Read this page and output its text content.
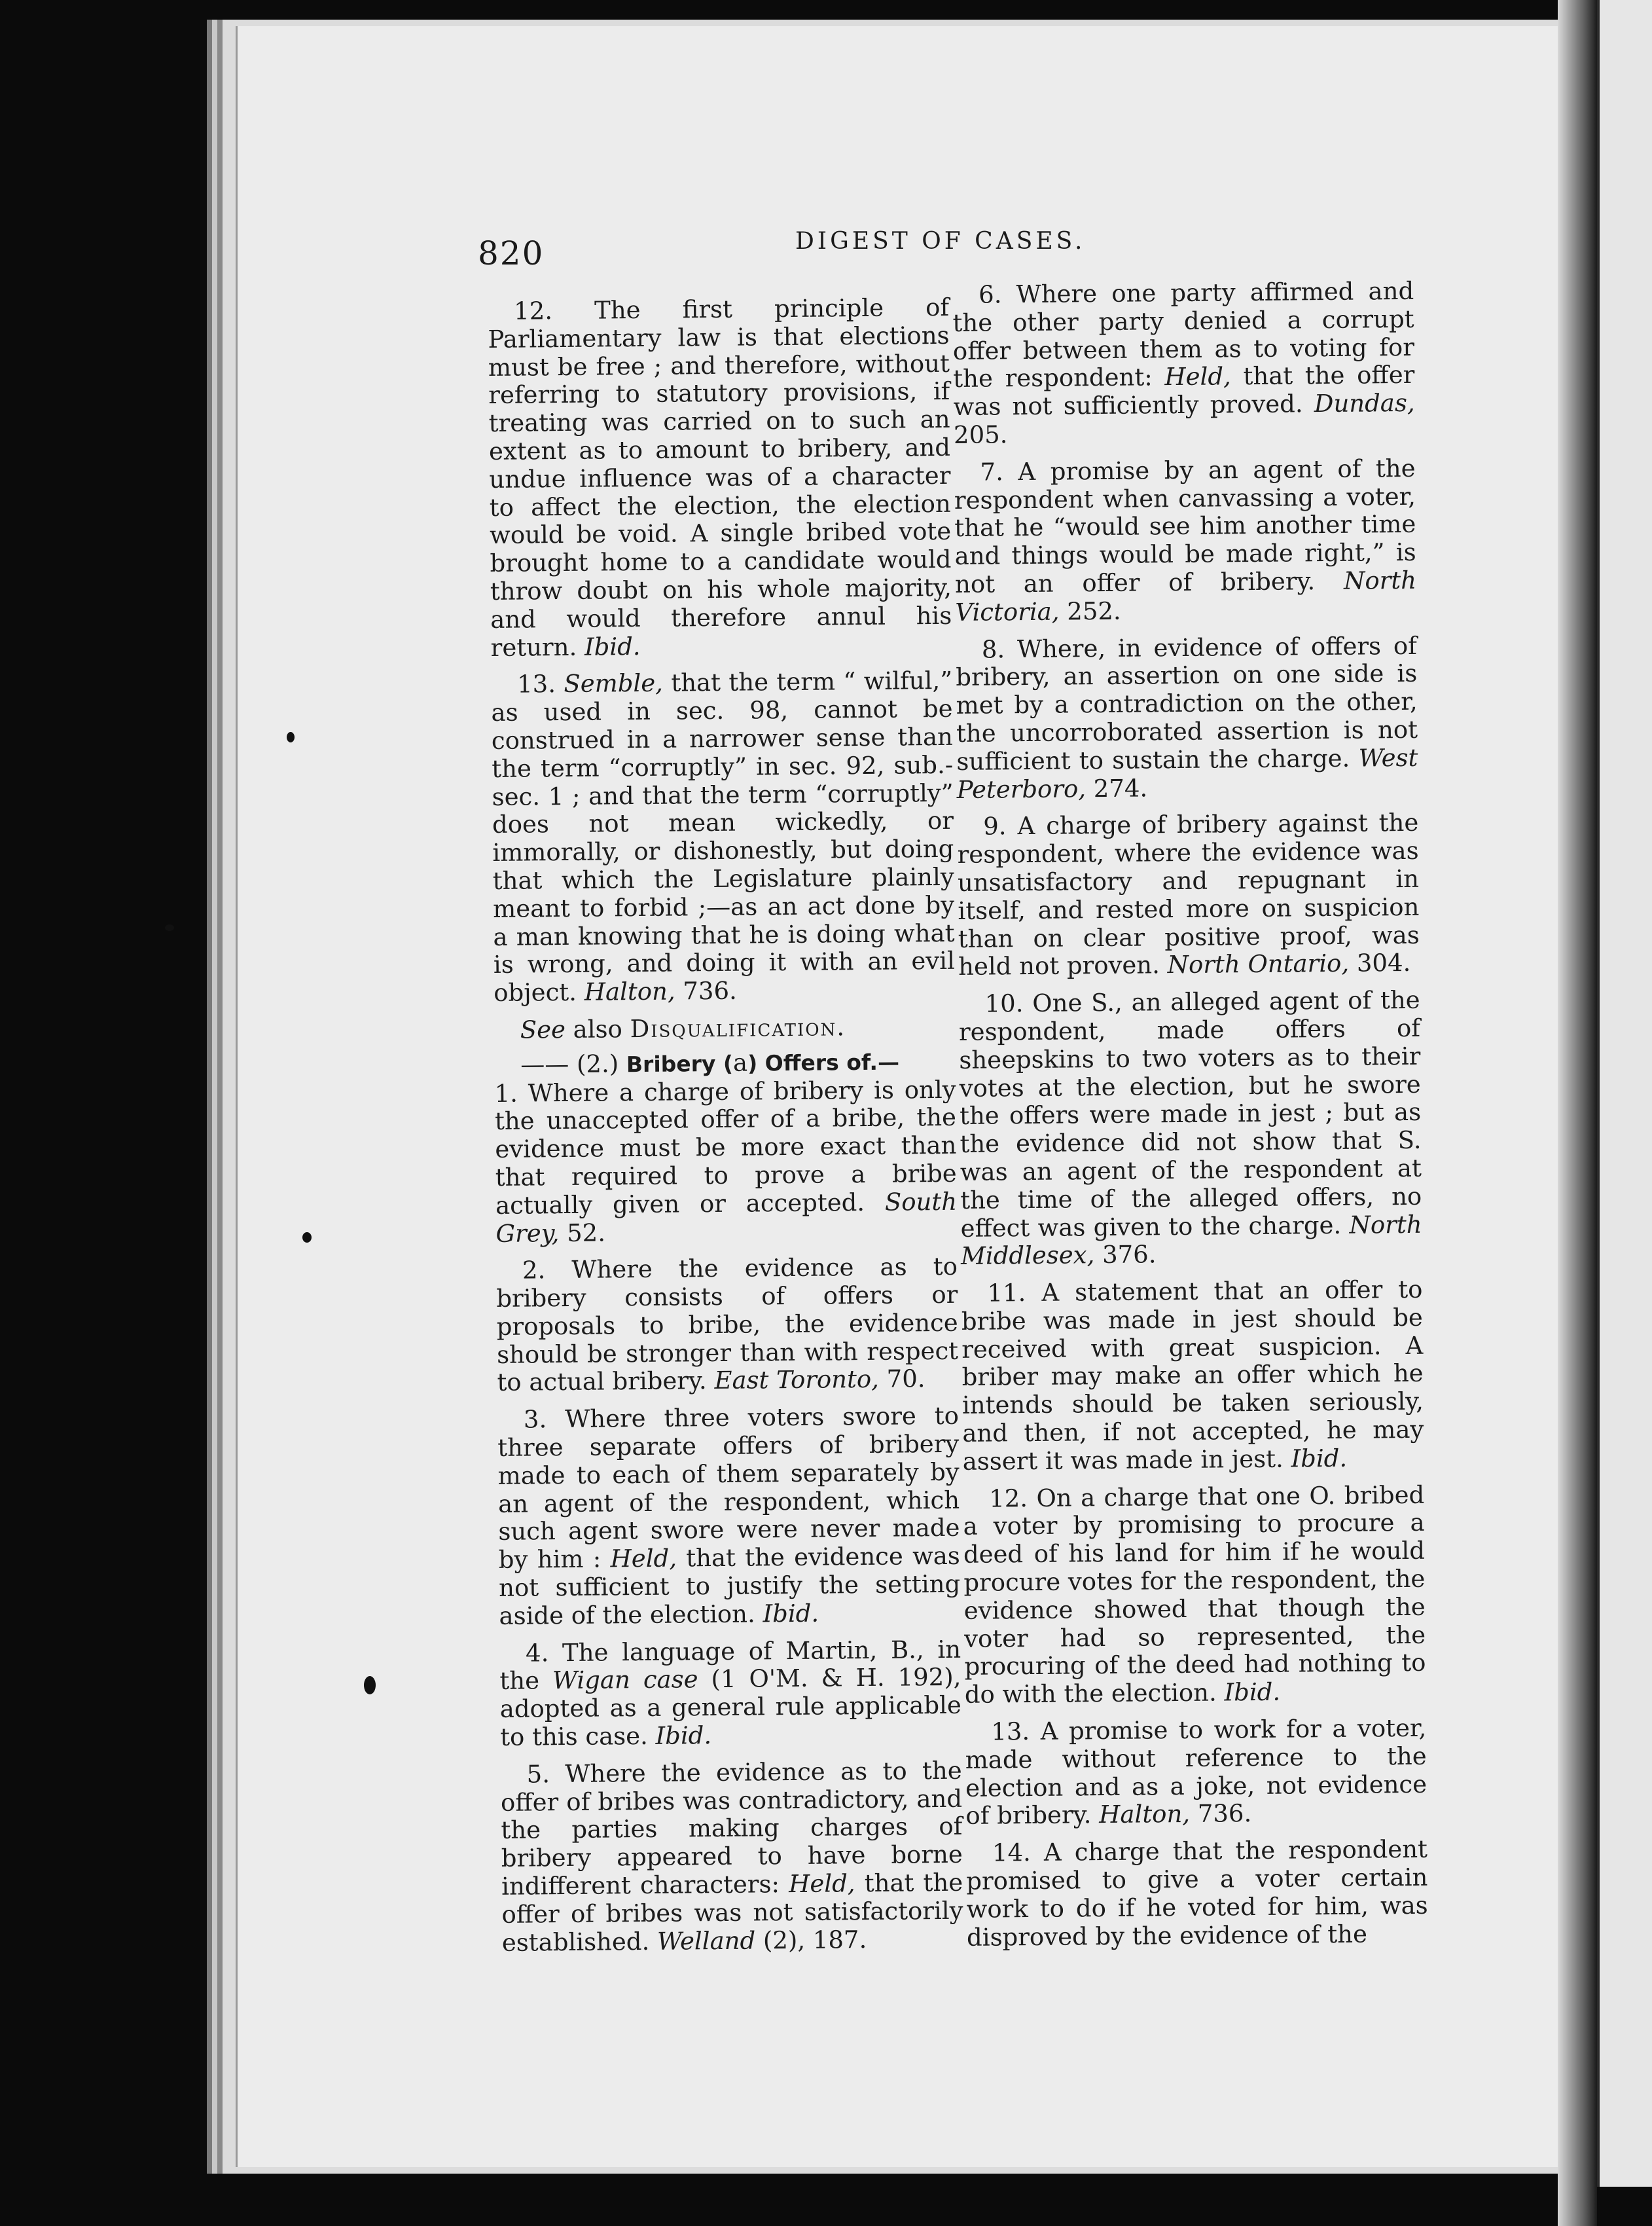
820	DIGEST OF CASES.

12. The first principle of Parliamentary law is that elections must be free ; and therefore, without referring to statutory provisions, if treating was carried on to such an extent as to amount to bribery, and undue influence was of a character to affect the election, the election would be void. A single bribed vote brought home to a candidate would throw doubt on his whole majority, and would therefore annul his return. Ibid.

13. Semble, that the term “ wilful,” as used in sec. 98, cannot be construed in a narrower sense than the term “corruptly” in sec. 92, sub.-sec. 1 ; and that the term “corruptly” does not mean wickedly, or immorally, or dishonestly, but doing that which the Legislature plainly meant to forbid ;—as an act done by a man knowing that he is doing what is wrong, and doing it with an evil object. Halton, 736.

See also Disqualification.

—— (2.) Bribery (a) Offers of.—

1. Where a charge of bribery is only the unaccepted offer of a bribe, the evidence must be more exact than that required to prove a bribe actually given or accepted. South Grey, 52.

2. Where the evidence as to bribery consists of offers or proposals to bribe, the evidence should be stronger than with respect to actual bribery. East Toronto, 70.

3. Where three voters swore to three separate offers of bribery made to each of them separately by an agent of the respondent, which such agent swore were never made by him : Held, that the evidence was not sufficient to justify the setting aside of the election. Ibid.

4. The language of Martin, B., in the Wigan case (1 O'M. & H. 192), adopted as a general rule applicable to this case. Ibid.

5. Where the evidence as to the offer of bribes was contradictory, and the parties making charges of bribery appeared to have borne indifferent characters: Held, that the offer of bribes was not satisfactorily established. Welland (2), 187.

6. Where one party affirmed and the other party denied a corrupt offer between them as to voting for the respondent: Held, that the offer was not sufficiently proved. Dundas, 205.

7. A promise by an agent of the respondent when canvassing a voter, that he “would see him another time and things would be made right,” is not an offer of bribery. North Victoria, 252.

8. Where, in evidence of offers of bribery, an assertion on one side is met by a contradiction on the other, the uncorroborated assertion is not sufficient to sustain the charge. West Peterboro, 274.

9. A charge of bribery against the respondent, where the evidence was unsatisfactory and repugnant in itself, and rested more on suspicion than on clear positive proof, was held not proven. North Ontario, 304.

10. One S., an alleged agent of the respondent, made offers of sheepskins to two voters as to their votes at the election, but he swore the offers were made in jest ; but as the evidence did not show that S. was an agent of the respondent at the time of the alleged offers, no effect was given to the charge. North Middlesex, 376.

11. A statement that an offer to bribe was made in jest should be received with great suspicion. A briber may make an offer which he intends should be taken seriously, and then, if not accepted, he may assert it was made in jest. Ibid.

12. On a charge that one O. bribed a voter by promising to procure a deed of his land for him if he would procure votes for the respondent, the evidence showed that though the voter had so represented, the procuring of the deed had nothing to do with the election. Ibid.

13. A promise to work for a voter, made without reference to the election and as a joke, not evidence of bribery. Halton, 736.

14. A charge that the respondent promised to give a voter certain work to do if he voted for him, was disproved by the evidence of the
